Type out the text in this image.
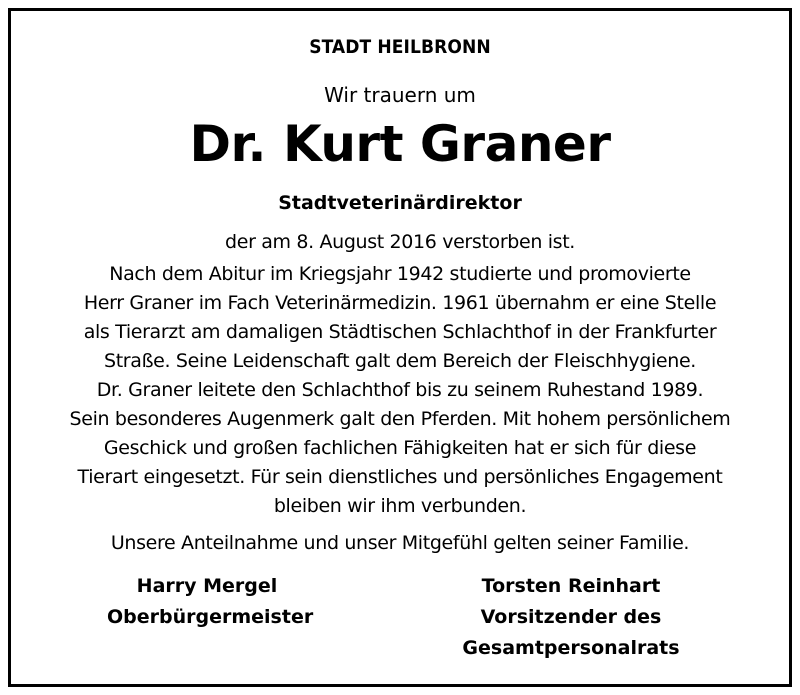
STADT HEILBRONN
Wir trauern um
Dr. Kurt Graner
Stadtveterinärdirektor
der am 8. August 2016 verstorben ist.
Nach dem Abitur im Kriegsjahr 1942 studierte und promovierte
Herr Graner im Fach Veterinärmedizin. 1961 übernahm er eine Stelle
als Tierarzt am damaligen Städtischen Schlachthof in der Frankfurter
Straße. Seine Leidenschaft galt dem Bereich der Fleischhygiene.
Dr. Graner leitete den Schlachthof bis zu seinem Ruhestand 1989.
Sein besonderes Augenmerk galt den Pferden. Mit hohem persönlichem
Geschick und großen fachlichen Fähigkeiten hat er sich für diese
Tierart eingesetzt. Für sein dienstliches und persönliches Engagement
bleiben wir ihm verbunden.
Unsere Anteilnahme und unser Mitgefühl gelten seiner Familie.
Harry Mergel
Oberbürgermeister
Torsten Reinhart
Vorsitzender des
Gesamtpersonalrats
